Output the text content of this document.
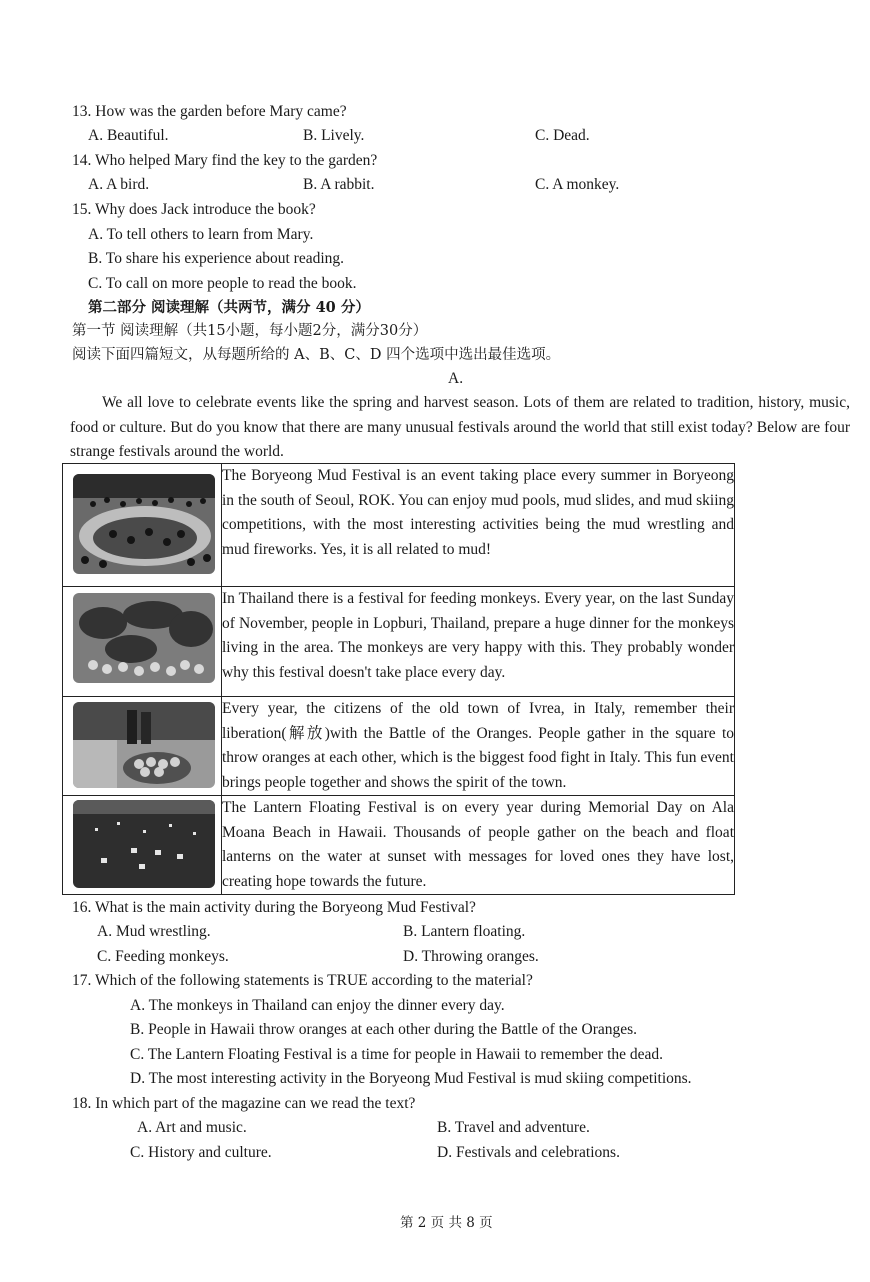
13. How was the garden before Mary came?
A. Beautiful.	B. Lively.	C. Dead.
14. Who helped Mary find the key to the garden?
A. A bird.	B. A rabbit.	C. A monkey.
15. Why does Jack introduce the book?
A. To tell others to learn from Mary.
B. To share his experience about reading.
C. To call on more people to read the book.
第二部分 阅读理解（共两节，满分 40 分）
第一节 阅读理解（共15小题，每小题2分，满分30分）
阅读下面四篇短文，从每题所给的 A、B、C、D 四个选项中选出最佳选项。
A.
We all love to celebrate events like the spring and harvest season. Lots of them are related to tradition, history, music, food or culture. But do you know that there are many unusual festivals around the world that still exist today? Below are four strange festivals around the world.
	The Boryeong Mud Festival is an event taking place every summer in Boryeong in the south of Seoul, ROK. You can enjoy mud pools, mud slides, and mud skiing competitions, with the most interesting activities being the mud wrestling and mud fireworks. Yes, it is all related to mud!

	In Thailand there is a festival for feeding monkeys. Every year, on the last Sunday of November, people in Lopburi, Thailand, prepare a huge dinner for the monkeys living in the area. The monkeys are very happy with this. They probably wonder why this festival doesn't take place every day.

	Every year, the citizens of the old town of Ivrea, in Italy, remember their liberation(解放)with the Battle of the Oranges. People gather in the square to throw oranges at each other, which is the biggest food fight in Italy. This fun event brings people together and shows the spirit of the town.

	The Lantern Floating Festival is on every year during Memorial Day on Ala Moana Beach in Hawaii. Thousands of people gather on the beach and float lanterns on the water at sunset with messages for loved ones they have lost, creating hope towards the future.
16. What is the main activity during the Boryeong Mud Festival?
A. Mud wrestling.	B. Lantern floating.
C. Feeding monkeys.	D. Throwing oranges.
17. Which of the following statements is TRUE according to the material?
A. The monkeys in Thailand can enjoy the dinner every day.
B. People in Hawaii throw oranges at each other during the Battle of the Oranges.
C. The Lantern Floating Festival is a time for people in Hawaii to remember the dead.
D. The most interesting activity in the Boryeong Mud Festival is mud skiing competitions.
18. In which part of the magazine can we read the text?
A. Art and music.	B. Travel and adventure.
C. History and culture.	D. Festivals and celebrations.
第 2 页 共 8 页
